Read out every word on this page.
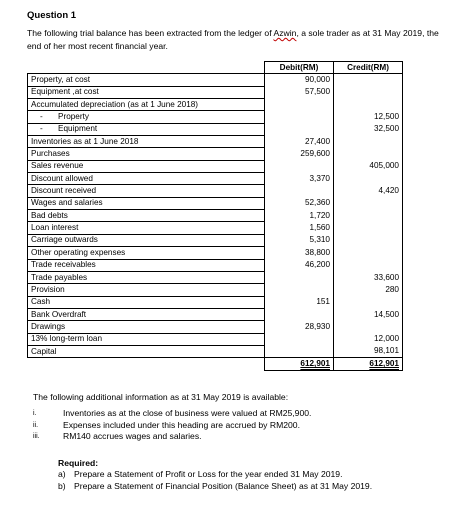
Question 1
The following trial balance has been extracted from the ledger of Azwin, a sole trader as at 31 May 2019, the end of her most recent financial year.
	Debit(RM)	Credit(RM)
Property, at cost	90,000	
Equipment ,at cost	57,500	
Accumulated depreciation (as at 1 June 2018)		
- Property		12,500
- Equipment		32,500
Inventories as at 1 June 2018	27,400	
Purchases	259,600	
Sales revenue		405,000
Discount allowed	3,370	
Discount received		4,420
Wages and salaries	52,360	
Bad debts	1,720	
Loan interest	1,560	
Carriage outwards	5,310	
Other operating expenses	38,800	
Trade receivables	46,200	
Trade payables		33,600
Provision		280
Cash	151	
Bank Overdraft		14,500
Drawings	28,930	
13% long-term loan		12,000
Capital		98,101
	612,901	612,901
The following additional information as at 31 May 2019 is available:
i.	Inventories as at the close of business were valued at RM25,900.
ii.	Expenses included under this heading are accrued by RM200.
iii.	RM140 accrues wages and salaries.
Required:
a) Prepare a Statement of Profit or Loss for the year ended 31 May 2019.
b) Prepare a Statement of Financial Position (Balance Sheet) as at 31 May 2019.
